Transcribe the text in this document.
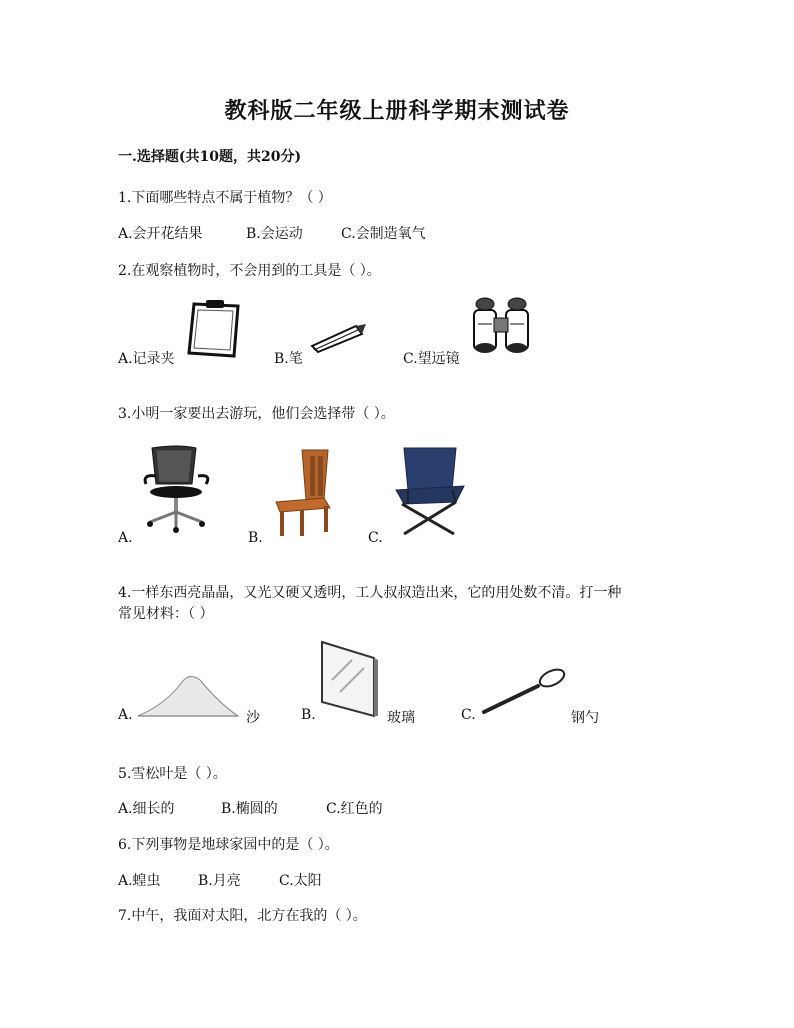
教科版二年级上册科学期末测试卷
一.选择题(共10题，共20分)
1.下面哪些特点不属于植物？（ ）
A.会开花结果	B.会运动	C.会制造氧气
2.在观察植物时，不会用到的工具是（ ）。
A.记录夹	B.笔	C.望远镜
3.小明一家要出去游玩，他们会选择带（ ）。
A.	B.	C.
4.一样东西亮晶晶，又光又硬又透明，工人叔叔造出来，它的用处数不清。打一种
常见材料：（ ）
A.	沙	B.	玻璃	C.	钢勺
5.雪松叶是（ ）。
A.细长的	B.椭圆的	C.红色的
6.下列事物是地球家园中的是（ ）。
A.蝗虫	B.月亮	C.太阳
7.中午，我面对太阳，北方在我的（ ）。
